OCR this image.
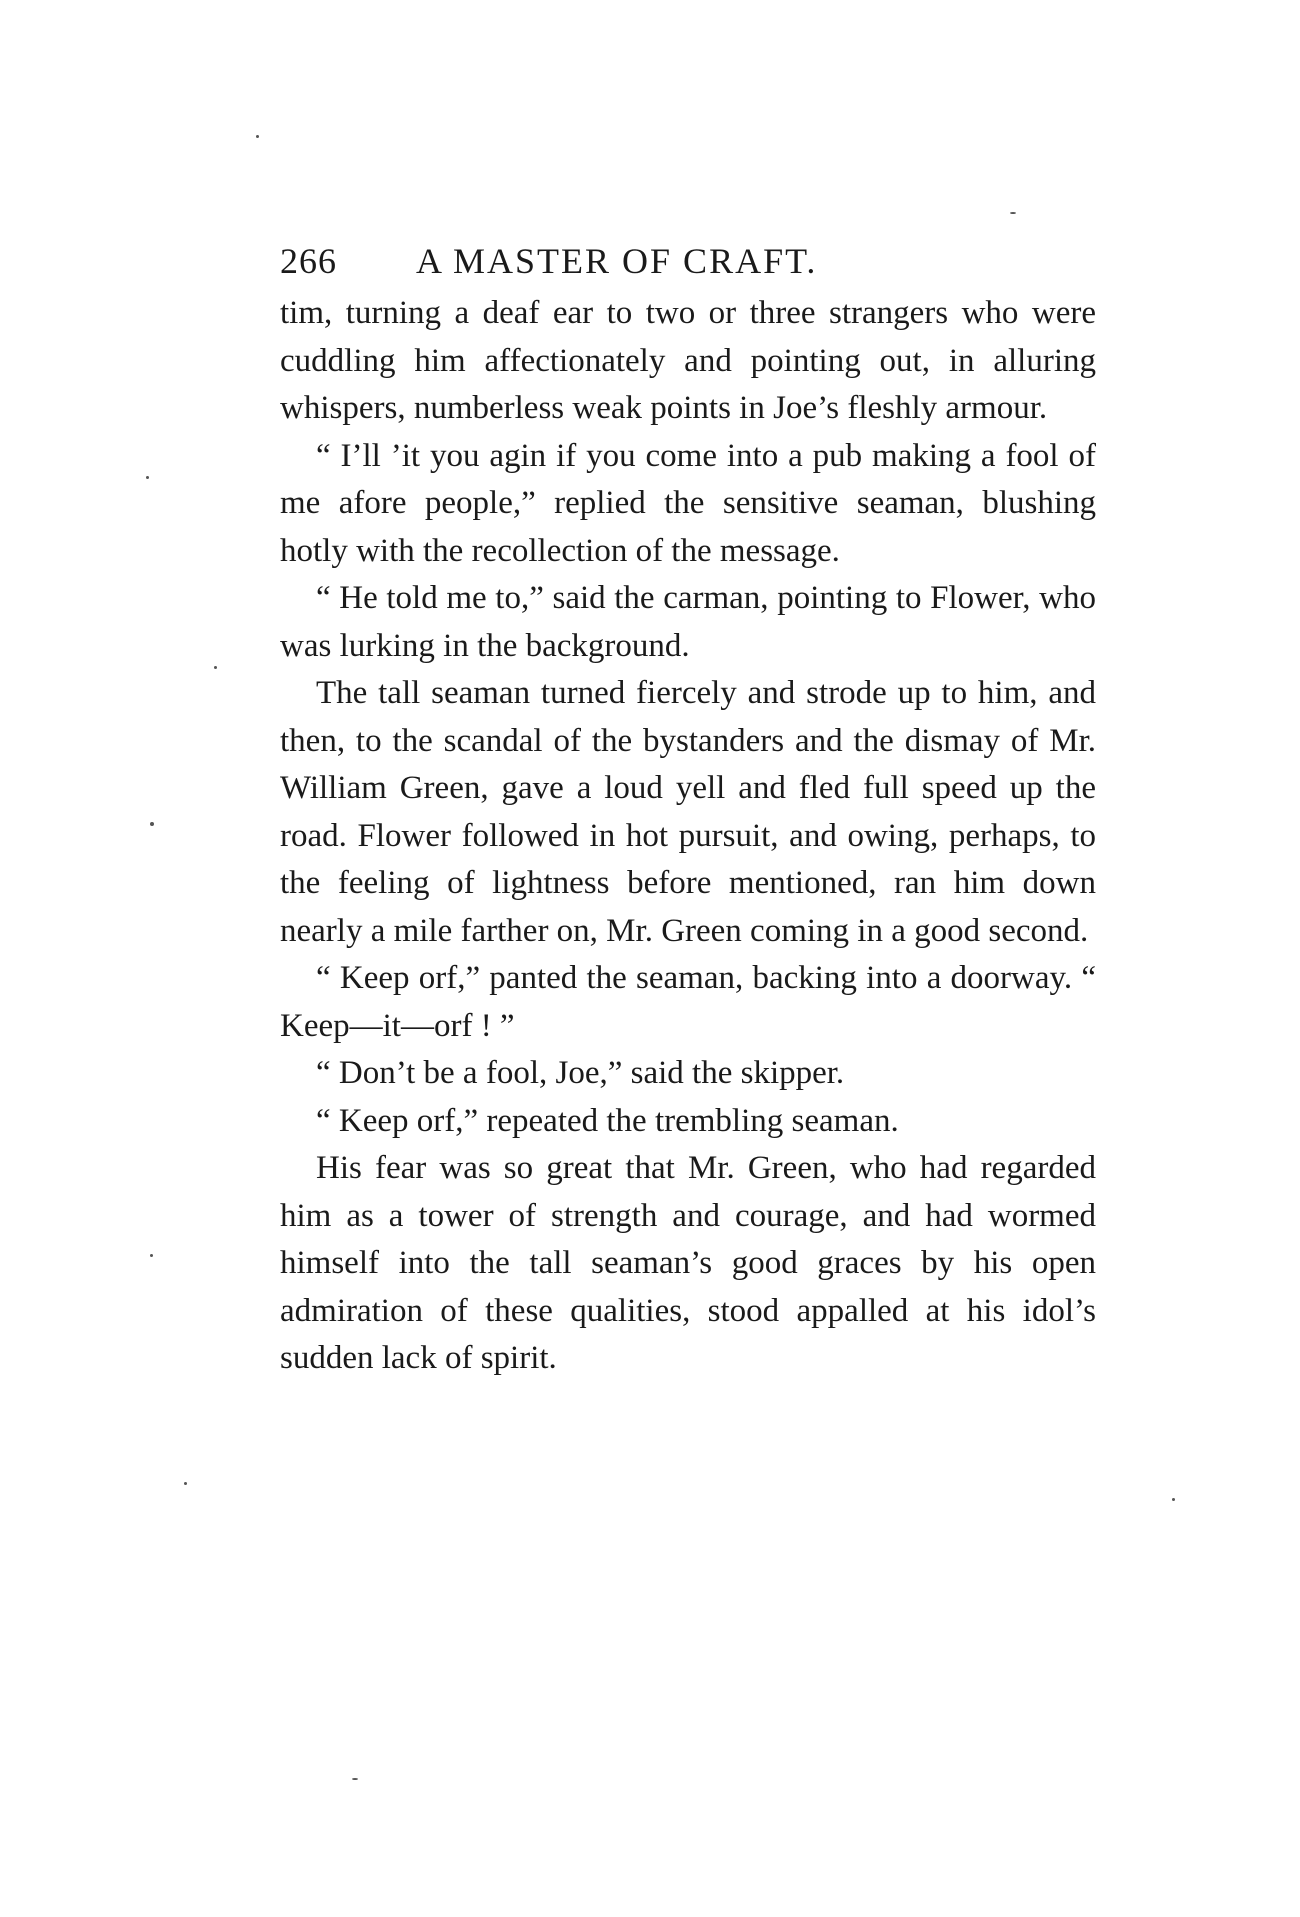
266 A MASTER OF CRAFT.

tim, turning a deaf ear to two or three strangers who were cuddling him affectionately and pointing out, in alluring whispers, numberless weak points in Joe’s fleshly armour.

“ I’ll ’it you agin if you come into a pub making a fool of me afore people,” replied the sensitive seaman, blushing hotly with the recollection of the message.

“ He told me to,” said the carman, pointing to Flower, who was lurking in the background.

The tall seaman turned fiercely and strode up to him, and then, to the scandal of the bystanders and the dismay of Mr. William Green, gave a loud yell and fled full speed up the road. Flower followed in hot pursuit, and owing, perhaps, to the feeling of lightness before mentioned, ran him down nearly a mile farther on, Mr. Green coming in a good second.

“ Keep orf,” panted the seaman, backing into a doorway. “ Keep—it—orf ! ”

“ Don’t be a fool, Joe,” said the skipper.

“ Keep orf,” repeated the trembling seaman.

His fear was so great that Mr. Green, who had regarded him as a tower of strength and courage, and had wormed himself into the tall seaman’s good graces by his open admiration of these qualities, stood appalled at his idol’s sudden lack of spirit.
